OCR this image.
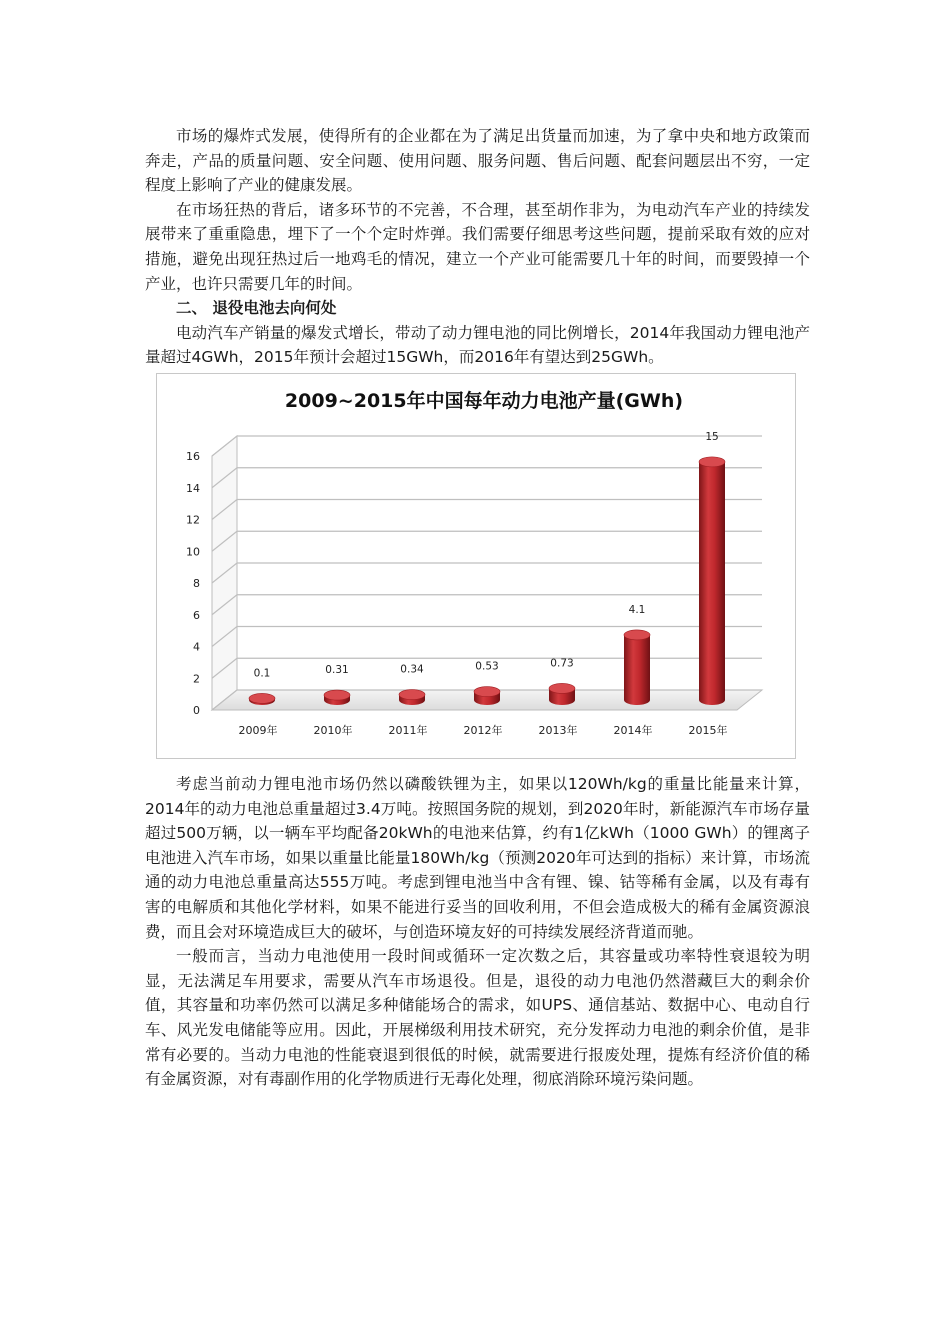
市场的爆炸式发展，使得所有的企业都在为了满足出货量而加速，为了拿中央和地方政策而奔走，产品的质量问题、安全问题、使用问题、服务问题、售后问题、配套问题层出不穷，一定程度上影响了产业的健康发展。

在市场狂热的背后，诸多环节的不完善，不合理，甚至胡作非为，为电动汽车产业的持续发展带来了重重隐患，埋下了一个个定时炸弹。我们需要仔细思考这些问题，提前采取有效的应对措施，避免出现狂热过后一地鸡毛的情况，建立一个产业可能需要几十年的时间，而要毁掉一个产业，也许只需要几年的时间。

二、 退役电池去向何处

电动汽车产销量的爆发式增长，带动了动力锂电池的同比例增长，2014年我国动力锂电池产量超过4GWh，2015年预计会超过15GWh，而2016年有望达到25GWh。

2009~2015年中国每年动力电池产量(GWh)
0
2
4
6
8
10
12
14
16
0.1	0.31	0.34	0.53	0.73
4.1
15
2009年	2010年	2011年	2012年	2013年	2014年	2015年

考虑当前动力锂电池市场仍然以磷酸铁锂为主，如果以120Wh/kg的重量比能量来计算，2014年的动力电池总重量超过3.4万吨。按照国务院的规划，到2020年时，新能源汽车市场存量超过500万辆，以一辆车平均配备20kWh的电池来估算，约有1亿kWh（1000 GWh）的锂离子电池进入汽车市场，如果以重量比能量180Wh/kg（预测2020年可达到的指标）来计算，市场流通的动力电池总重量高达555万吨。考虑到锂电池当中含有锂、镍、钴等稀有金属，以及有毒有害的电解质和其他化学材料，如果不能进行妥当的回收利用，不但会造成极大的稀有金属资源浪费，而且会对环境造成巨大的破坏，与创造环境友好的可持续发展经济背道而驰。

一般而言，当动力电池使用一段时间或循环一定次数之后，其容量或功率特性衰退较为明显，无法满足车用要求，需要从汽车市场退役。但是，退役的动力电池仍然潜藏巨大的剩余价值，其容量和功率仍然可以满足多种储能场合的需求，如UPS、通信基站、数据中心、电动自行车、风光发电储能等应用。因此，开展梯级利用技术研究，充分发挥动力电池的剩余价值，是非常有必要的。当动力电池的性能衰退到很低的时候，就需要进行报废处理，提炼有经济价值的稀有金属资源，对有毒副作用的化学物质进行无毒化处理，彻底消除环境污染问题。
